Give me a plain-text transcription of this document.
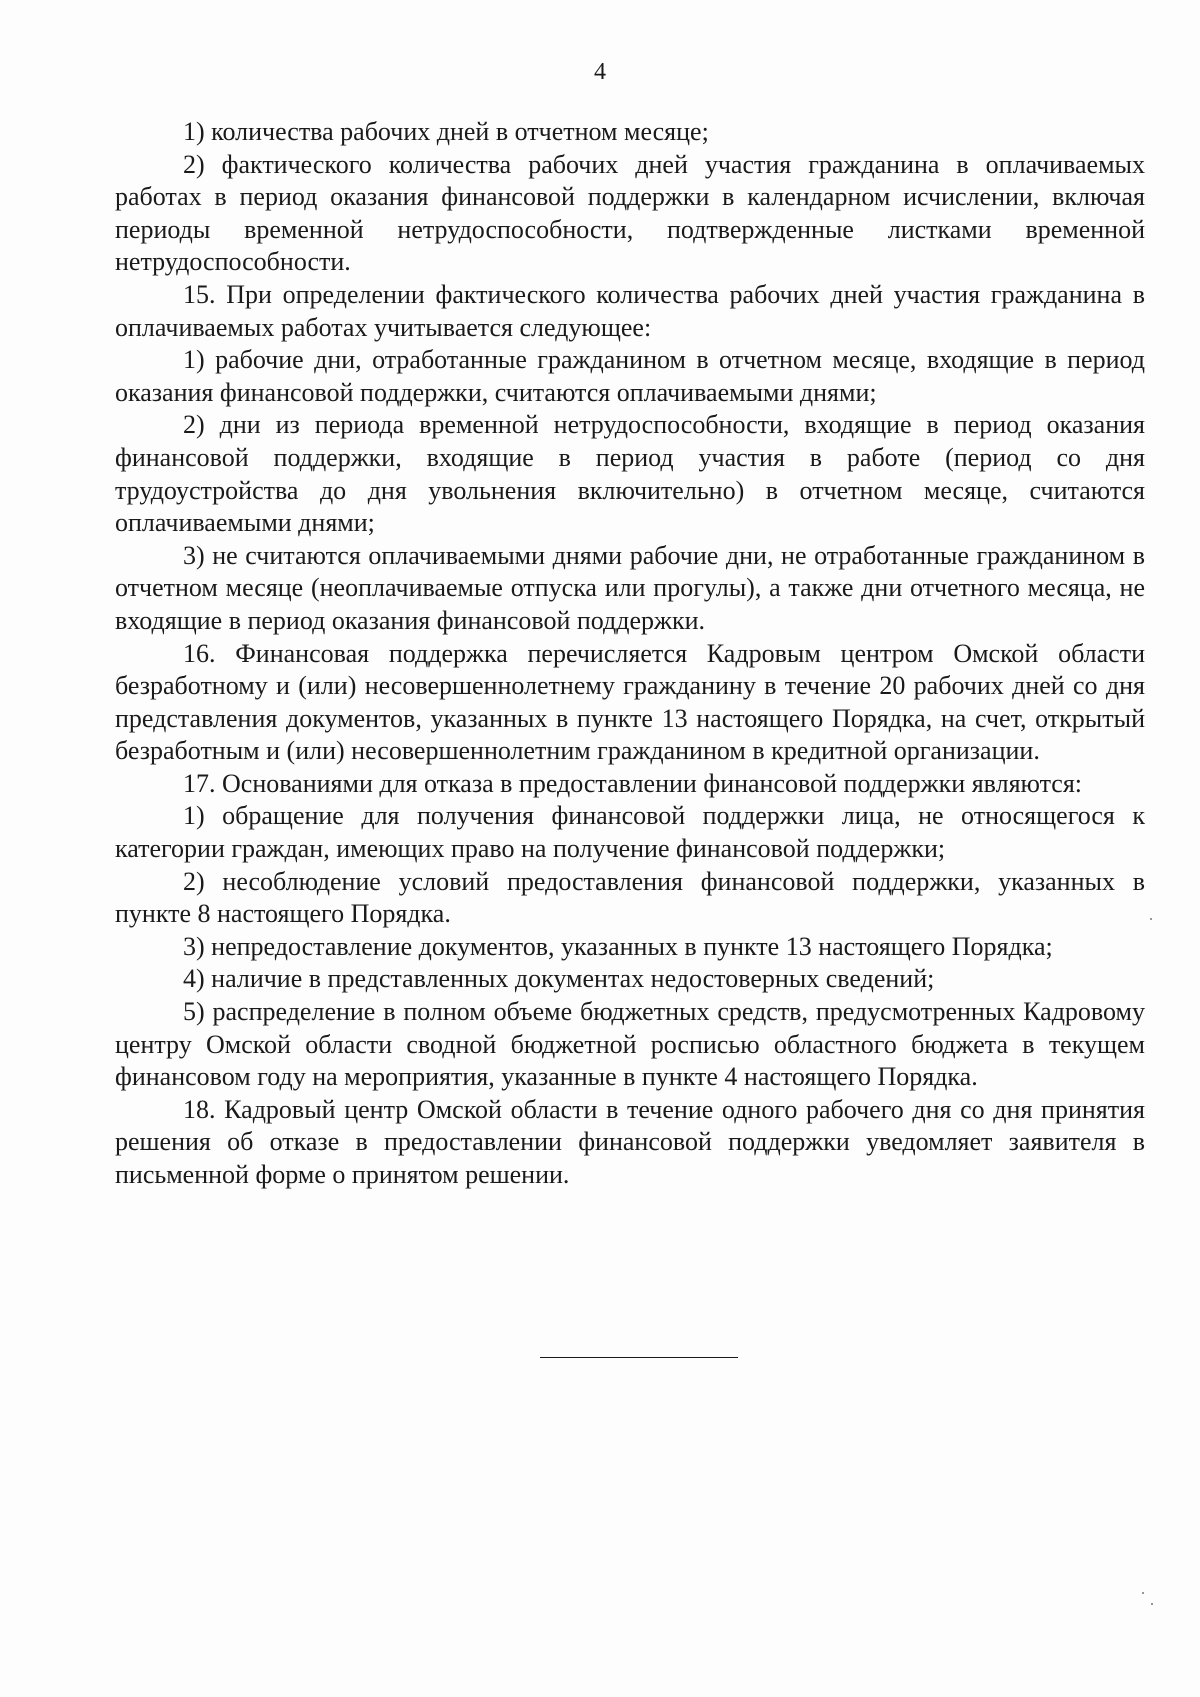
4

1) количества рабочих дней в отчетном месяце;

2) фактического количества рабочих дней участия гражданина в оплачиваемых работах в период оказания финансовой поддержки в календарном исчислении, включая периоды временной нетрудоспособности, подтвержденные листками временной нетрудоспособности.

15. При определении фактического количества рабочих дней участия гражданина в оплачиваемых работах учитывается следующее:

1) рабочие дни, отработанные гражданином в отчетном месяце, входящие в период оказания финансовой поддержки, считаются оплачиваемыми днями;

2) дни из периода временной нетрудоспособности, входящие в период оказания финансовой поддержки, входящие в период участия в работе (период со дня трудоустройства до дня увольнения включительно) в отчетном месяце, считаются оплачиваемыми днями;

3) не считаются оплачиваемыми днями рабочие дни, не отработанные гражданином в отчетном месяце (неоплачиваемые отпуска или прогулы), а также дни отчетного месяца, не входящие в период оказания финансовой поддержки.

16. Финансовая поддержка перечисляется Кадровым центром Омской области безработному и (или) несовершеннолетнему гражданину в течение 20 рабочих дней со дня представления документов, указанных в пункте 13 настоящего Порядка, на счет, открытый безработным и (или) несовершеннолетним гражданином в кредитной организации.

17. Основаниями для отказа в предоставлении финансовой поддержки являются:

1) обращение для получения финансовой поддержки лица, не относящегося к категории граждан, имеющих право на получение финансовой поддержки;

2) несоблюдение условий предоставления финансовой поддержки, указанных в пункте 8 настоящего Порядка.

3) непредоставление документов, указанных в пункте 13 настоящего Порядка;

4) наличие в представленных документах недостоверных сведений;

5) распределение в полном объеме бюджетных средств, предусмотренных Кадровому центру Омской области сводной бюджетной росписью областного бюджета в текущем финансовом году на мероприятия, указанные в пункте 4 настоящего Порядка.

18. Кадровый центр Омской области в течение одного рабочего дня со дня принятия решения об отказе в предоставлении финансовой поддержки уведомляет заявителя в письменной форме о принятом решении.
